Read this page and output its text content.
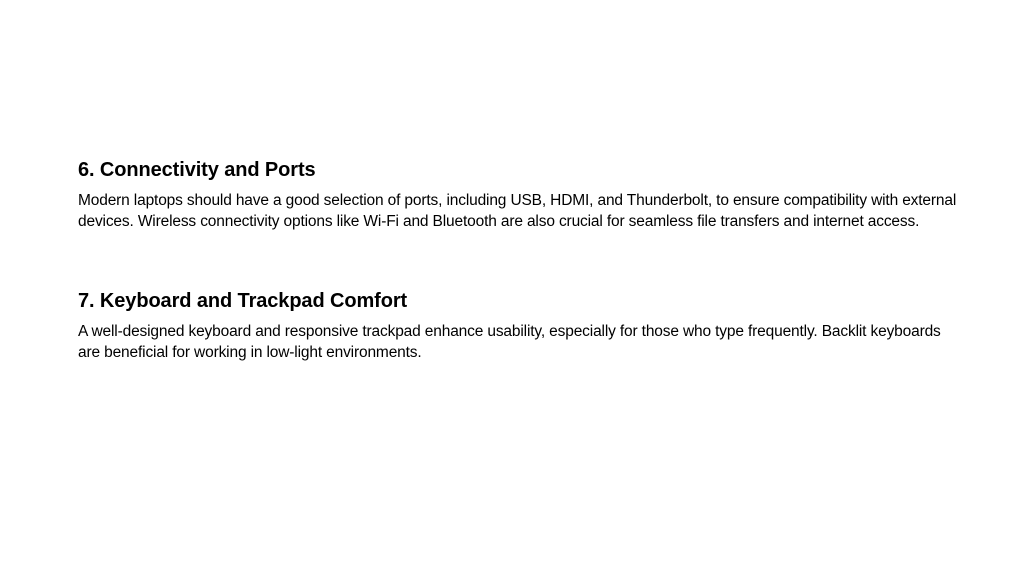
6. Connectivity and Ports

Modern laptops should have a good selection of ports, including USB, HDMI, and Thunderbolt, to ensure compatibility with external devices. Wireless connectivity options like Wi-Fi and Bluetooth are also crucial for seamless file transfers and internet access.

7. Keyboard and Trackpad Comfort

A well-designed keyboard and responsive trackpad enhance usability, especially for those who type frequently. Backlit keyboards are beneficial for working in low-light environments.
